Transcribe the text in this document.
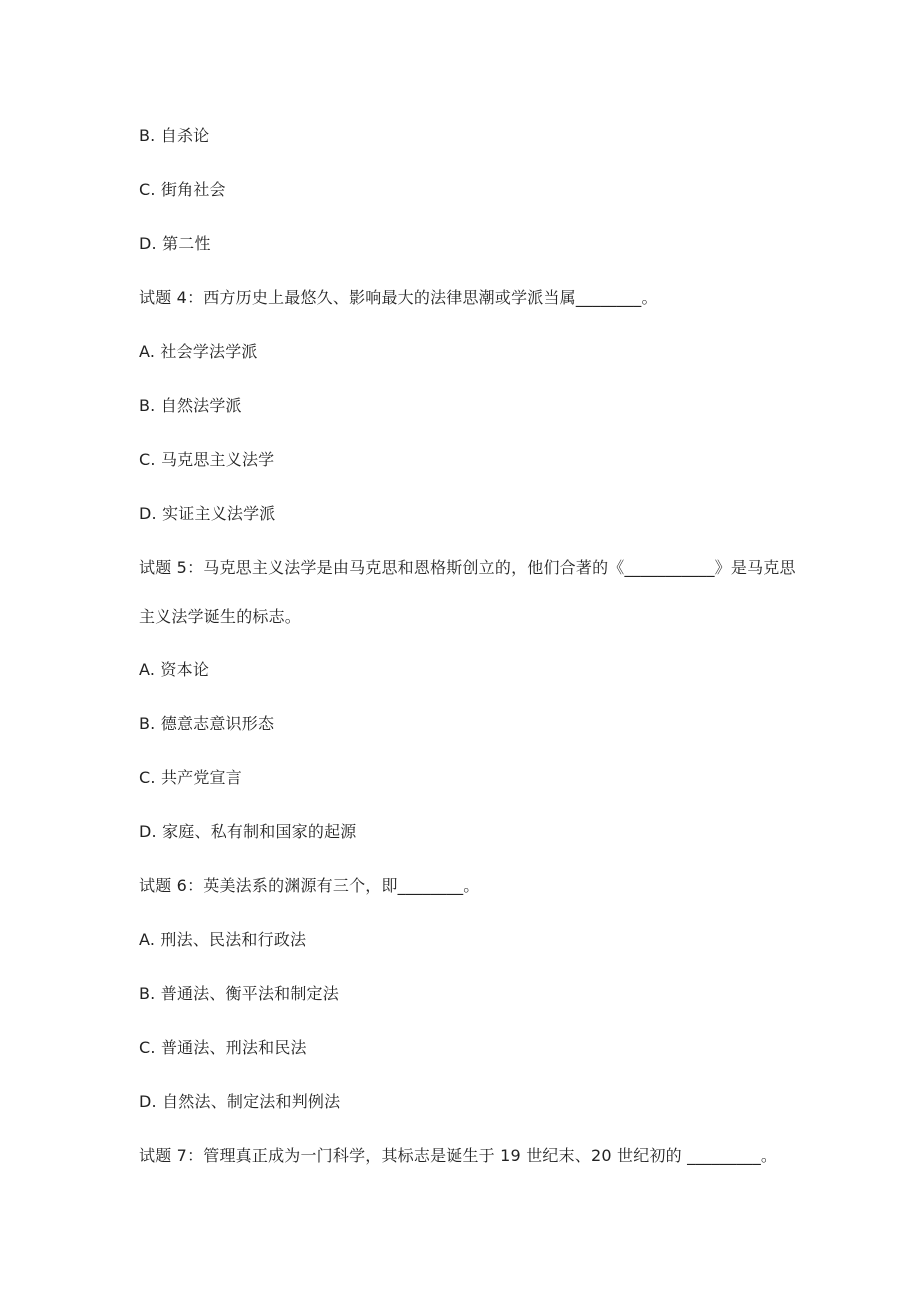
B. 自杀论
C. 街角社会
D. 第二性
试题 4：西方历史上最悠久、影响最大的法律思潮或学派当属________。
A. 社会学法学派
B. 自然法学派
C. 马克思主义法学
D. 实证主义法学派
试题 5：马克思主义法学是由马克思和恩格斯创立的，他们合著的《___________》是马克思
主义法学诞生的标志。
A. 资本论
B. 德意志意识形态
C. 共产党宣言
D. 家庭、私有制和国家的起源
试题 6：英美法系的渊源有三个，即________。
A. 刑法、民法和行政法
B. 普通法、衡平法和制定法
C. 普通法、刑法和民法
D. 自然法、制定法和判例法
试题 7：管理真正成为一门科学，其标志是诞生于 19 世纪末、20 世纪初的 _________。
